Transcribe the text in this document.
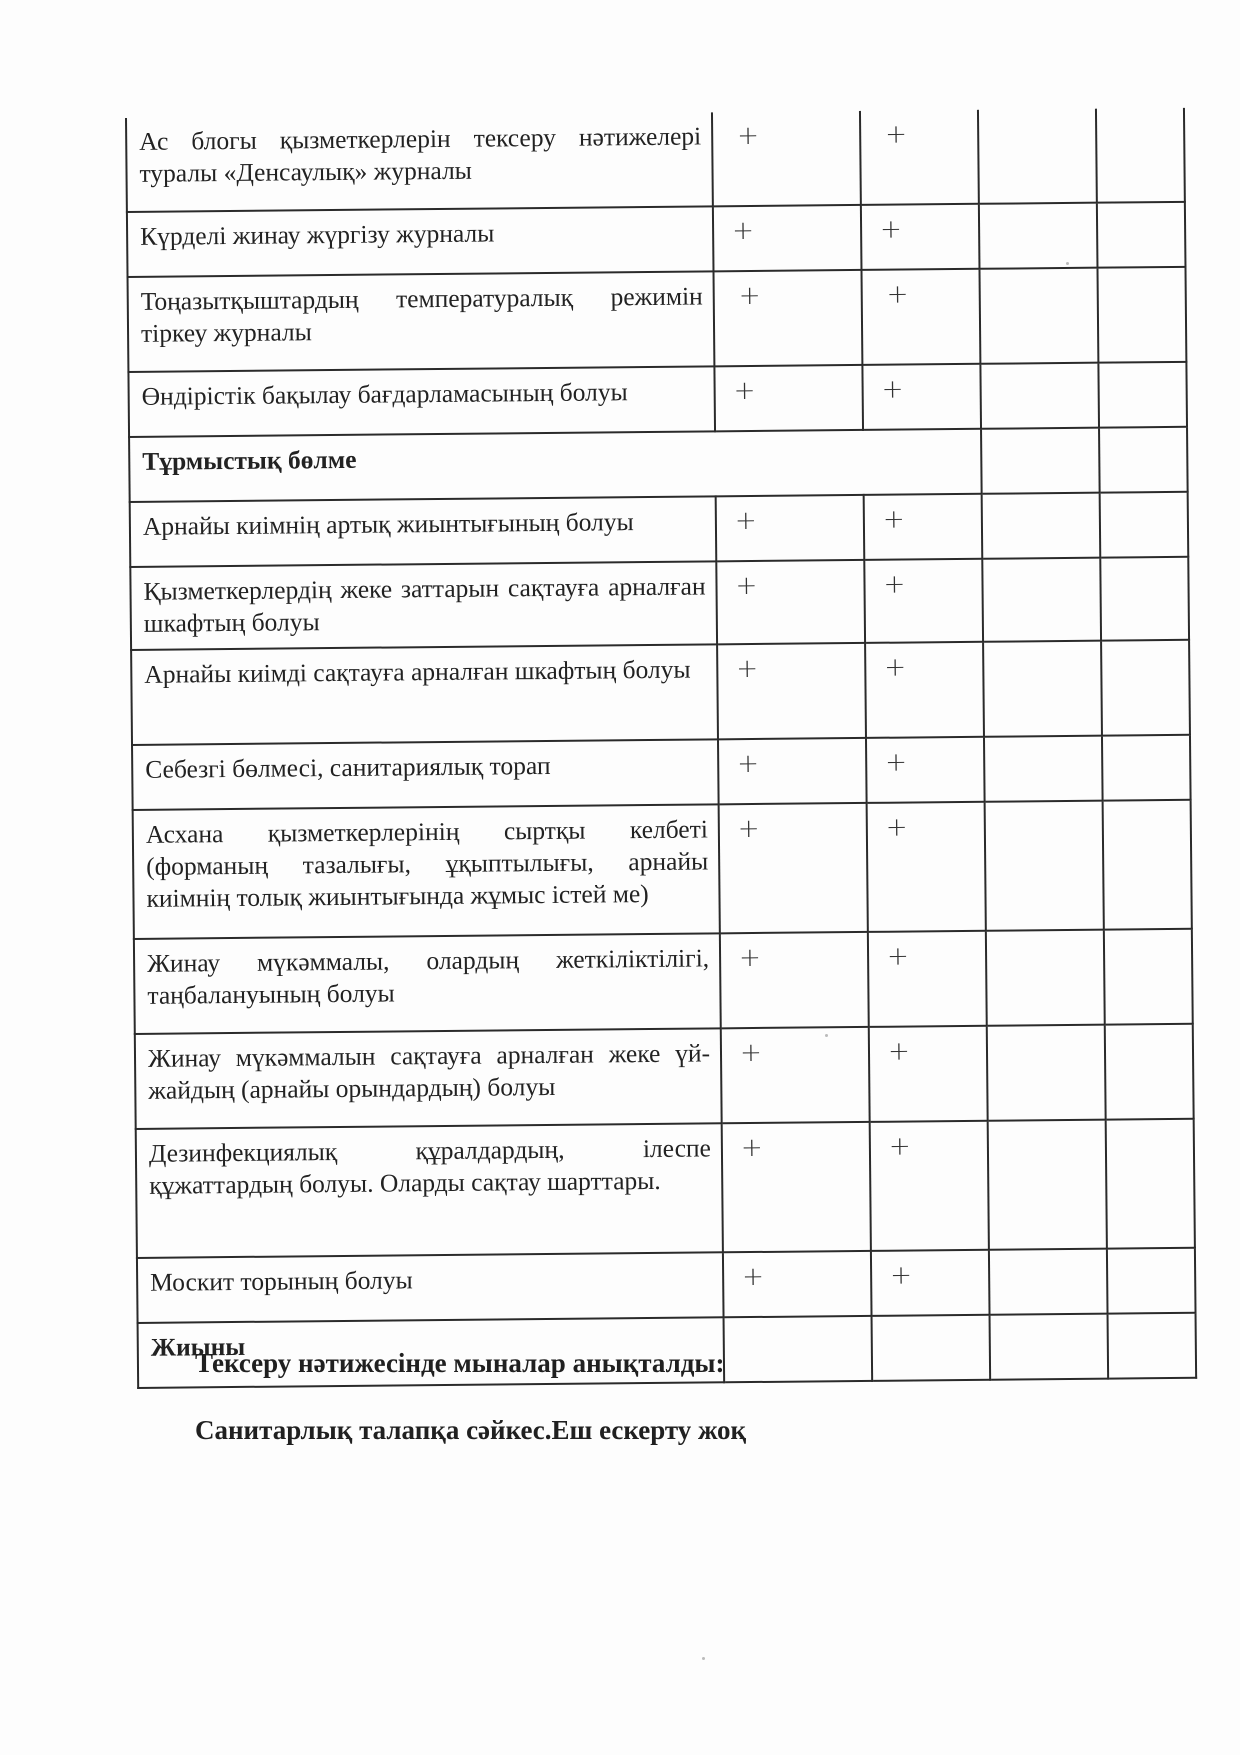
Ас блогы қызметкерлерін тексеру нәтижелері туралы «Денсаулық» журналы	+	+		
Күрделі жинау жүргізу журналы	+	+		
Тоңазытқыштардың температуралық режимін тіркеу журналы	+	+		
Өндірістік бақылау бағдарламасының болуы	+	+		
Тұрмыстық бөлме				
Арнайы киімнің артық жиынтығының болуы	+	+		
Қызметкерлердің жеке заттарын сақтауға арналған шкафтың болуы	+	+		
Арнайы киімді сақтауға арналған шкафтың болуы	+	+		
Себезгі бөлмесі, санитариялық торап	+	+		
Асхана қызметкерлерінің сыртқы келбеті (форманың тазалығы, ұқыптылығы, арнайы киімнің толық жиынтығында жұмыс істей ме)	+	+		
Жинау мүкәммалы, олардың жеткіліктілігі, таңбалануының болуы	+	+		
Жинау мүкәммалын сақтауға арналған жеке үй-жайдың (арнайы орындардың) болуы	+	+		
Дезинфекциялық құралдардың, ілеспе құжаттардың болуы. Оларды сақтау шарттары.	+	+		
Москит торының болуы	+	+		
Жиыны				
Тексеру нәтижесінде мыналар анықталды:
Санитарлық талапқа сәйкес.Еш ескерту жоқ
